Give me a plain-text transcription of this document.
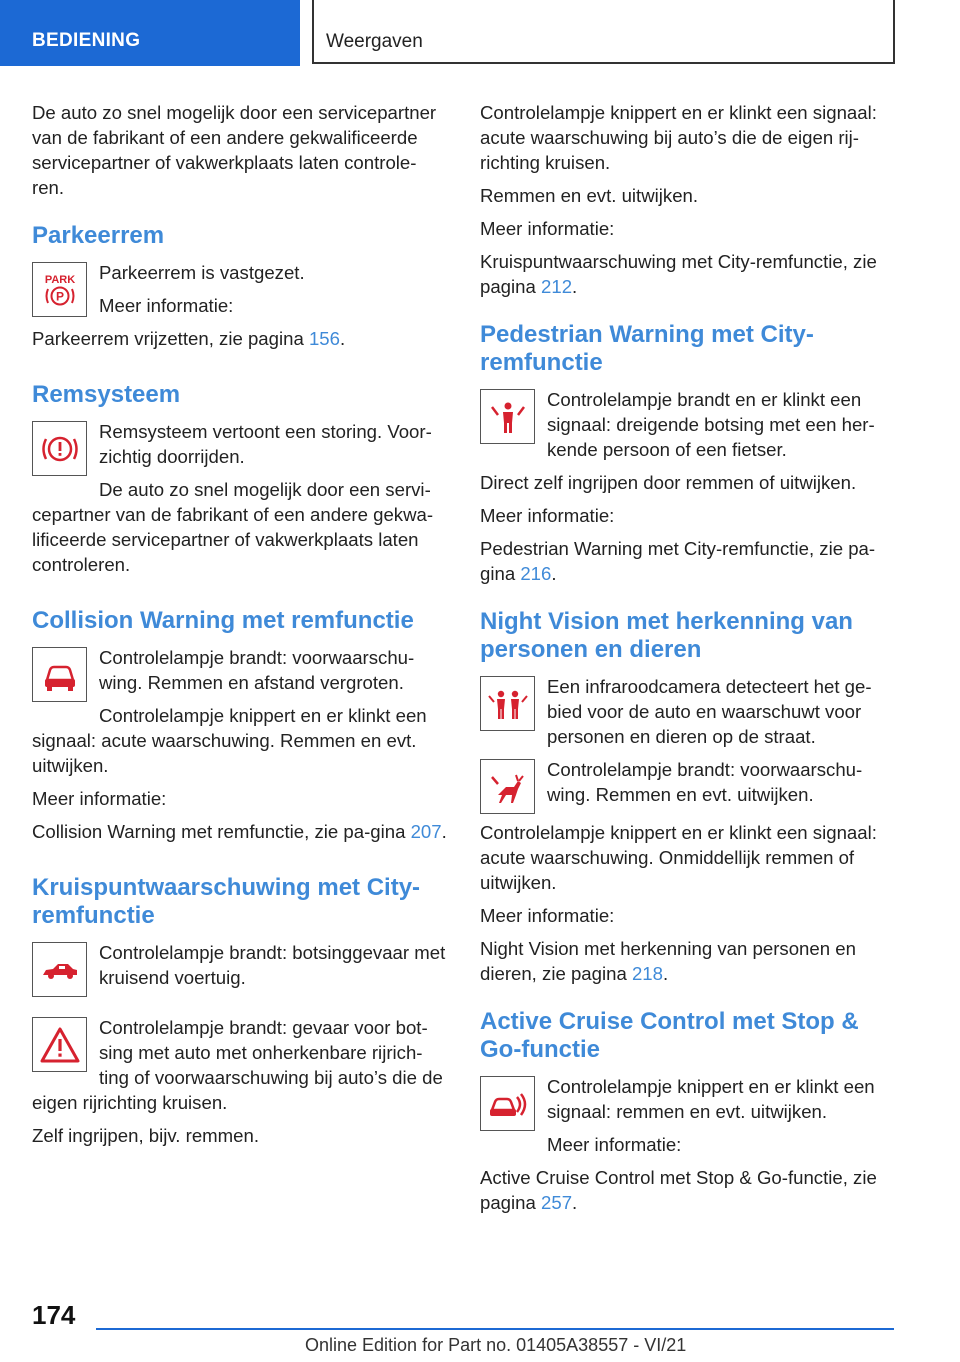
BEDIENING	Weergaven

De auto zo snel mogelijk door een servicepartner van de fabrikant of een andere gekwalificeerde servicepartner of vakwerkplaats laten controle-ren.

Parkeerrem
PARK
P

Parkeerrem is vastgezet.

Meer informatie:

Parkeerrem vrijzetten, zie pagina 156.

Remsysteem

Remsysteem vertoont een storing. Voor-zichtig doorrijden.

De auto zo snel mogelijk door een servi-cepartner van de fabrikant of een andere gekwa-lificeerde servicepartner of vakwerkplaats laten controleren.

Collision Warning met remfunctie

Controlelampje brandt: voorwaarschu-wing. Remmen en afstand vergroten.

Controlelampje knippert en er klinkt een signaal: acute waarschuwing. Remmen en evt. uitwijken.

Meer informatie:

Collision Warning met remfunctie, zie pa-gina 207.

Kruispuntwaarschuwing met City-remfunctie

Controlelampje brandt: botsinggevaar met kruisend voertuig.

Controlelampje brandt: gevaar voor bot-sing met auto met onherkenbare rijrich-ting of voorwaarschuwing bij auto’s die de eigen rijrichting kruisen.

Zelf ingrijpen, bijv. remmen.

Controlelampje knippert en er klinkt een signaal: acute waarschuwing bij auto’s die de eigen rij-richting kruisen.

Remmen en evt. uitwijken.

Meer informatie:

Kruispuntwaarschuwing met City-remfunctie, zie pagina 212.

Pedestrian Warning met City-remfunctie

Controlelampje brandt en er klinkt een signaal: dreigende botsing met een her-kende persoon of een fietser.

Direct zelf ingrijpen door remmen of uitwijken.

Meer informatie:

Pedestrian Warning met City-remfunctie, zie pa-gina 216.

Night Vision met herkenning van personen en dieren

Een infraroodcamera detecteert het ge-bied voor de auto en waarschuwt voor personen en dieren op de straat.

Controlelampje brandt: voorwaarschu-wing. Remmen en evt. uitwijken.

Controlelampje knippert en er klinkt een signaal: acute waarschuwing. Onmiddellijk remmen of uitwijken.

Meer informatie:

Night Vision met herkenning van personen en dieren, zie pagina 218.

Active Cruise Control met Stop & Go-functie

Controlelampje knippert en er klinkt een signaal: remmen en evt. uitwijken.

Meer informatie:

Active Cruise Control met Stop & Go-functie, zie pagina 257.

174
Online Edition for Part no. 01405A38557 - VI/21
